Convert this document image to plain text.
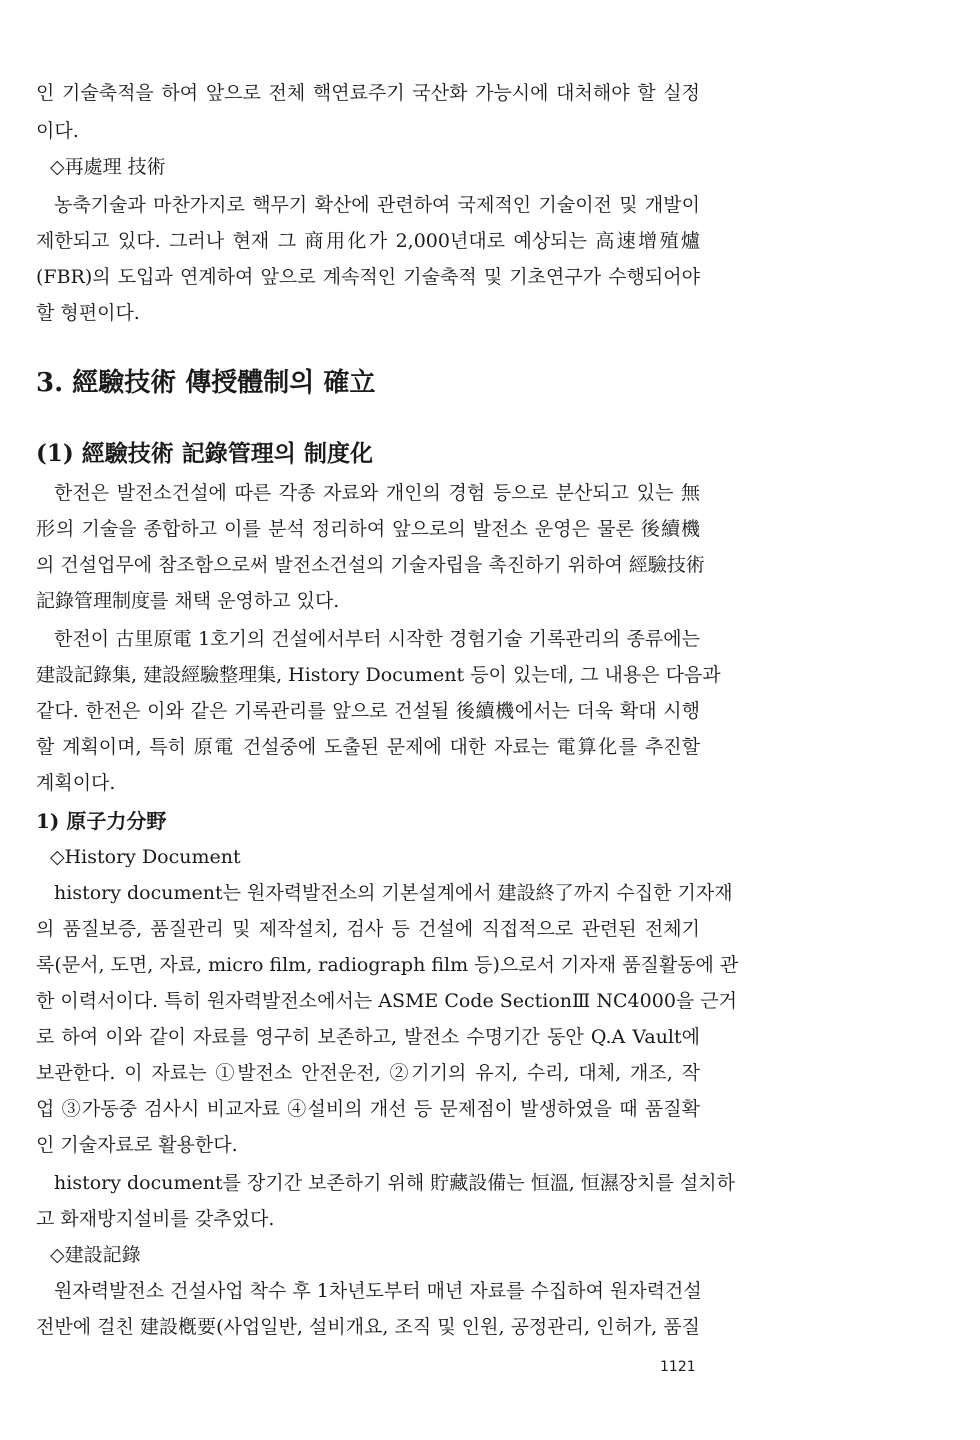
인 기술축적을 하여 앞으로 전체 핵연료주기 국산화 가능시에 대처해야 할 실정
이다.
◇再處理 技術
농축기술과 마찬가지로 핵무기 확산에 관련하여 국제적인 기술이전 및 개발이
제한되고 있다. 그러나 현재 그 商用化가 2,000년대로 예상되는 高速增殖爐
(FBR)의 도입과 연계하여 앞으로 계속적인 기술축적 및 기초연구가 수행되어야
할 형편이다.
3. 經驗技術 傳授體制의 確立
(1) 經驗技術 記錄管理의 制度化
한전은 발전소건설에 따른 각종 자료와 개인의 경험 등으로 분산되고 있는 無
形의 기술을 종합하고 이를 분석 정리하여 앞으로의 발전소 운영은 물론 後續機
의 건설업무에 참조함으로써 발전소건설의 기술자립을 촉진하기 위하여 經驗技術
記錄管理制度를 채택 운영하고 있다.
한전이 古里原電 1호기의 건설에서부터 시작한 경험기술 기록관리의 종류에는
建設記錄集, 建設經驗整理集, History Document 등이 있는데, 그 내용은 다음과
같다. 한전은 이와 같은 기록관리를 앞으로 건설될 後續機에서는 더욱 확대 시행
할 계획이며, 특히 原電 건설중에 도출된 문제에 대한 자료는 電算化를 추진할
계획이다.
1) 原子力分野
◇History Document
history document는 원자력발전소의 기본설계에서 建設終了까지 수집한 기자재
의 품질보증, 품질관리 및 제작설치, 검사 등 건설에 직접적으로 관련된 전체기
록(문서, 도면, 자료, micro film, radiograph film 등)으로서 기자재 품질활동에 관
한 이력서이다. 특히 원자력발전소에서는 ASME Code SectionⅢ NC4000을 근거
로 하여 이와 같이 자료를 영구히 보존하고, 발전소 수명기간 동안 Q.A Vault에
보관한다. 이 자료는 ①발전소 안전운전, ②기기의 유지, 수리, 대체, 개조, 작
업 ③가동중 검사시 비교자료 ④설비의 개선 등 문제점이 발생하였을 때 품질확
인 기술자료로 활용한다.
history document를 장기간 보존하기 위해 貯藏設備는 恒溫, 恒濕장치를 설치하
고 화재방지설비를 갖추었다.
◇建設記錄
원자력발전소 건설사업 착수 후 1차년도부터 매년 자료를 수집하여 원자력건설
전반에 걸친 建設槪要(사업일반, 설비개요, 조직 및 인원, 공정관리, 인허가, 품질
1121
